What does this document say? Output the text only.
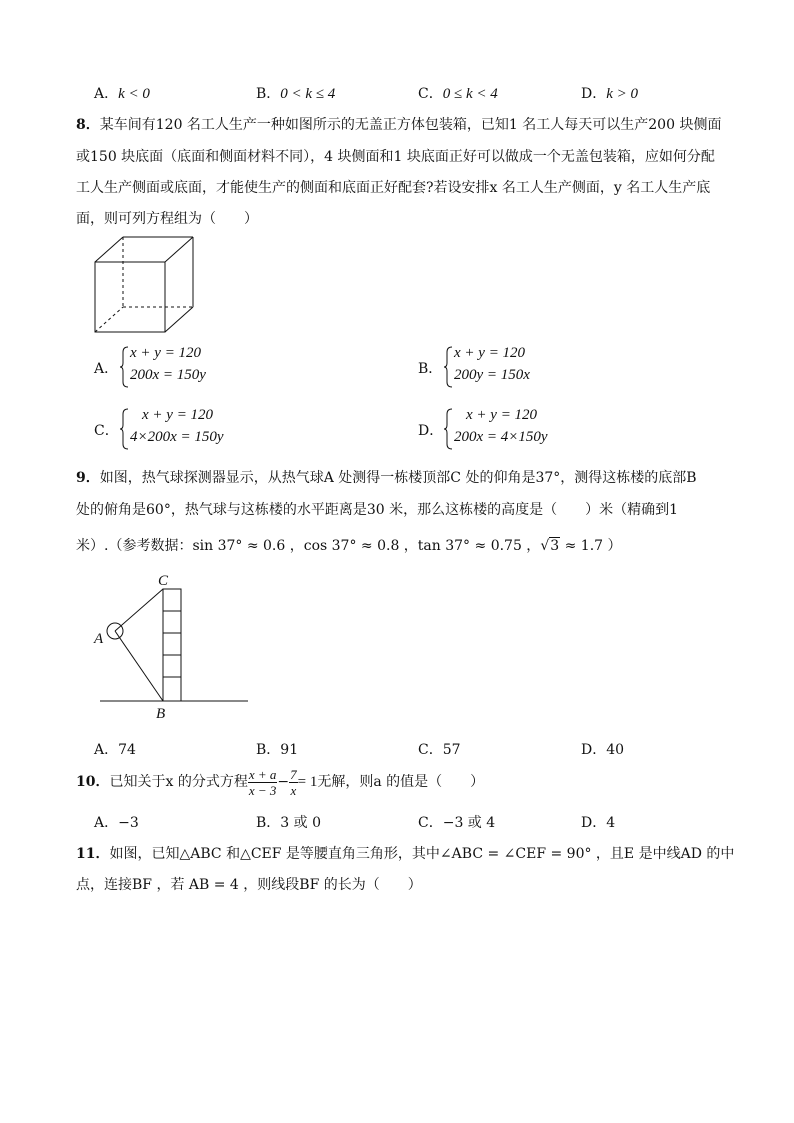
A．k < 0	B．0 < k ≤ 4	C．0 ≤ k < 4	D．k > 0
8．某车间有120 名工人生产一种如图所示的无盖正方体包装箱，已知1 名工人每天可以生产200 块侧面
或150 块底面（底面和侧面材料不同），4 块侧面和1 块底面正好可以做成一个无盖包装箱，应如何分配
工人生产侧面或底面，才能使生产的侧面和底面正好配套?若设安排x 名工人生产侧面，y 名工人生产底
面，则可列方程组为（　　）
A．
x + y = 120
200x = 150y	B．
x + y = 120
200y = 150x
C．
x + y = 120
4×200x = 150y	D．
x + y = 120
200x = 4×150y
9．如图，热气球探测器显示，从热气球A 处测得一栋楼顶部C 处的仰角是37°，测得这栋楼的底部B
处的俯角是60°，热气球与这栋楼的水平距离是30 米，那么这栋楼的高度是（　　）米（精确到1
米）.（参考数据：sin 37° ≈ 0.6 ，cos 37° ≈ 0.8 ，tan 37° ≈ 0.75 ，√3 ≈ 1.7 ）
C
A
B
A．74	B．91	C．57	D．40
10．已知关于x 的分式方程 $\frac{x + a}{x - 3} - \frac{7}{x} = 1$无解，则a 的值是（　　）
A．−3	B．3 或 0	C．−3 或 4	D．4
11．如图，已知△ABC 和△CEF 是等腰直角三角形，其中∠ABC = ∠CEF = 90° ，且E 是中线AD 的中
点，连接BF ，若 AB = 4 ，则线段BF 的长为（　　）
